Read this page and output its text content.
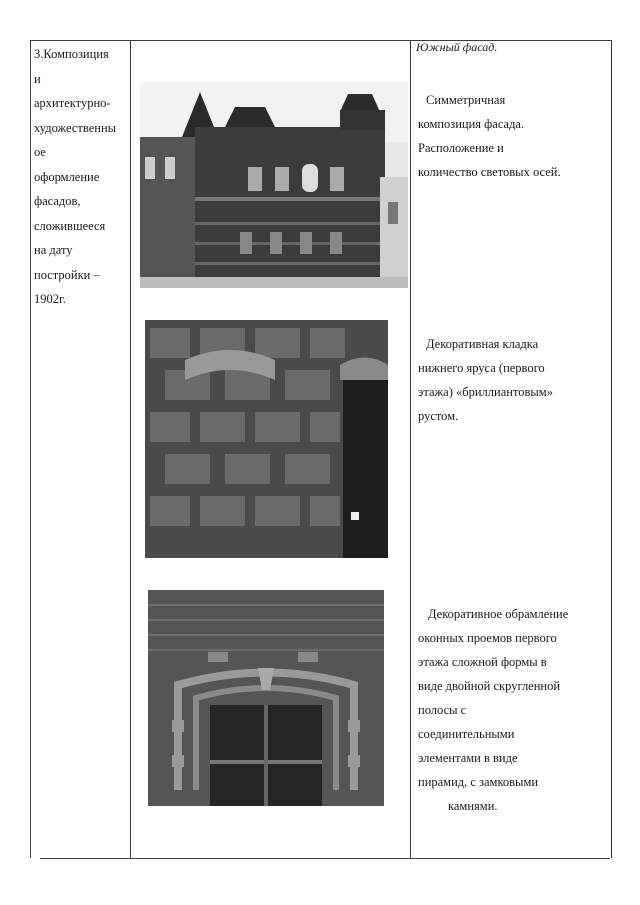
3.Композиция
и
архитектурно-
художественны
ое
оформление
фасадов,
сложившееся
на дату
постройки –
1902г.
Южный фасад.
Симметричная
композиция фасада.
Расположение и
количество световых осей.
Декоративная кладка
нижнего яруса (первого
этажа) «бриллиантовым»
рустом.
Декоративное обрамление
оконных проемов первого
этажа сложной формы в
виде двойной скругленной
полосы с
соединительными
элементами в виде
пирамид, с замковыми
камнями.
